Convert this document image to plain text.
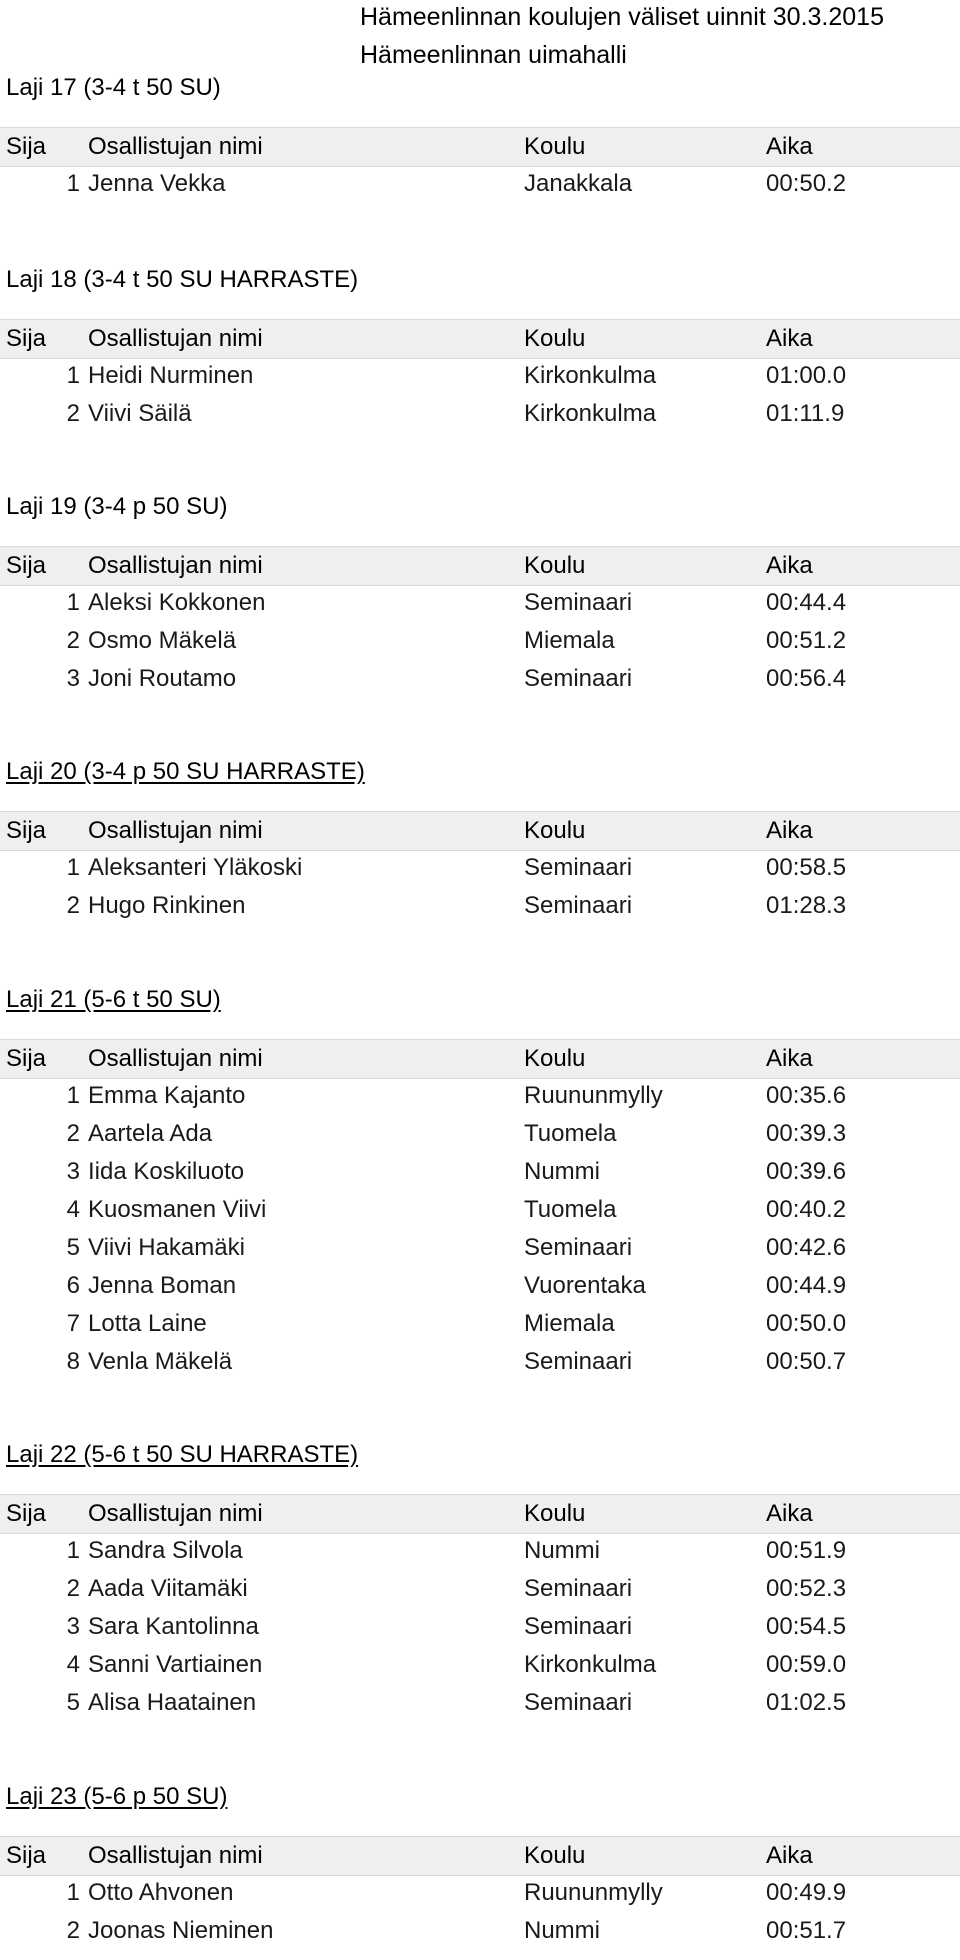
Hämeenlinnan koulujen väliset uinnit 30.3.2015
Hämeenlinnan uimahalli
Laji 17 (3-4 t 50 SU)
Sija Osallistujan nimi	Koulu	Aika
1 Jenna Vekka	Janakkala	00:50.2
Laji 18 (3-4 t 50 SU HARRASTE)
Sija Osallistujan nimi	Koulu	Aika
1 Heidi Nurminen	Kirkonkulma	01:00.0
2 Viivi Säilä	Kirkonkulma	01:11.9
Laji 19 (3-4 p 50 SU)
Sija Osallistujan nimi	Koulu	Aika
1 Aleksi Kokkonen	Seminaari	00:44.4
2 Osmo Mäkelä	Miemala	00:51.2
3 Joni Routamo	Seminaari	00:56.4
Laji 20 (3-4 p 50 SU HARRASTE)
Sija Osallistujan nimi	Koulu	Aika
1 Aleksanteri Yläkoski	Seminaari	00:58.5
2 Hugo Rinkinen	Seminaari	01:28.3
Laji 21 (5-6 t 50 SU)
Sija Osallistujan nimi	Koulu	Aika
1 Emma Kajanto	Ruununmylly	00:35.6
2 Aartela Ada	Tuomela	00:39.3
3 Iida Koskiluoto	Nummi	00:39.6
4 Kuosmanen Viivi	Tuomela	00:40.2
5 Viivi Hakamäki	Seminaari	00:42.6
6 Jenna Boman	Vuorentaka	00:44.9
7 Lotta Laine	Miemala	00:50.0
8 Venla Mäkelä	Seminaari	00:50.7
Laji 22 (5-6 t 50 SU HARRASTE)
Sija Osallistujan nimi	Koulu	Aika
1 Sandra Silvola	Nummi	00:51.9
2 Aada Viitamäki	Seminaari	00:52.3
3 Sara Kantolinna	Seminaari	00:54.5
4 Sanni Vartiainen	Kirkonkulma	00:59.0
5 Alisa Haatainen	Seminaari	01:02.5
Laji 23 (5-6 p 50 SU)
Sija Osallistujan nimi	Koulu	Aika
1 Otto Ahvonen	Ruununmylly	00:49.9
2 Joonas Nieminen	Nummi	00:51.7
